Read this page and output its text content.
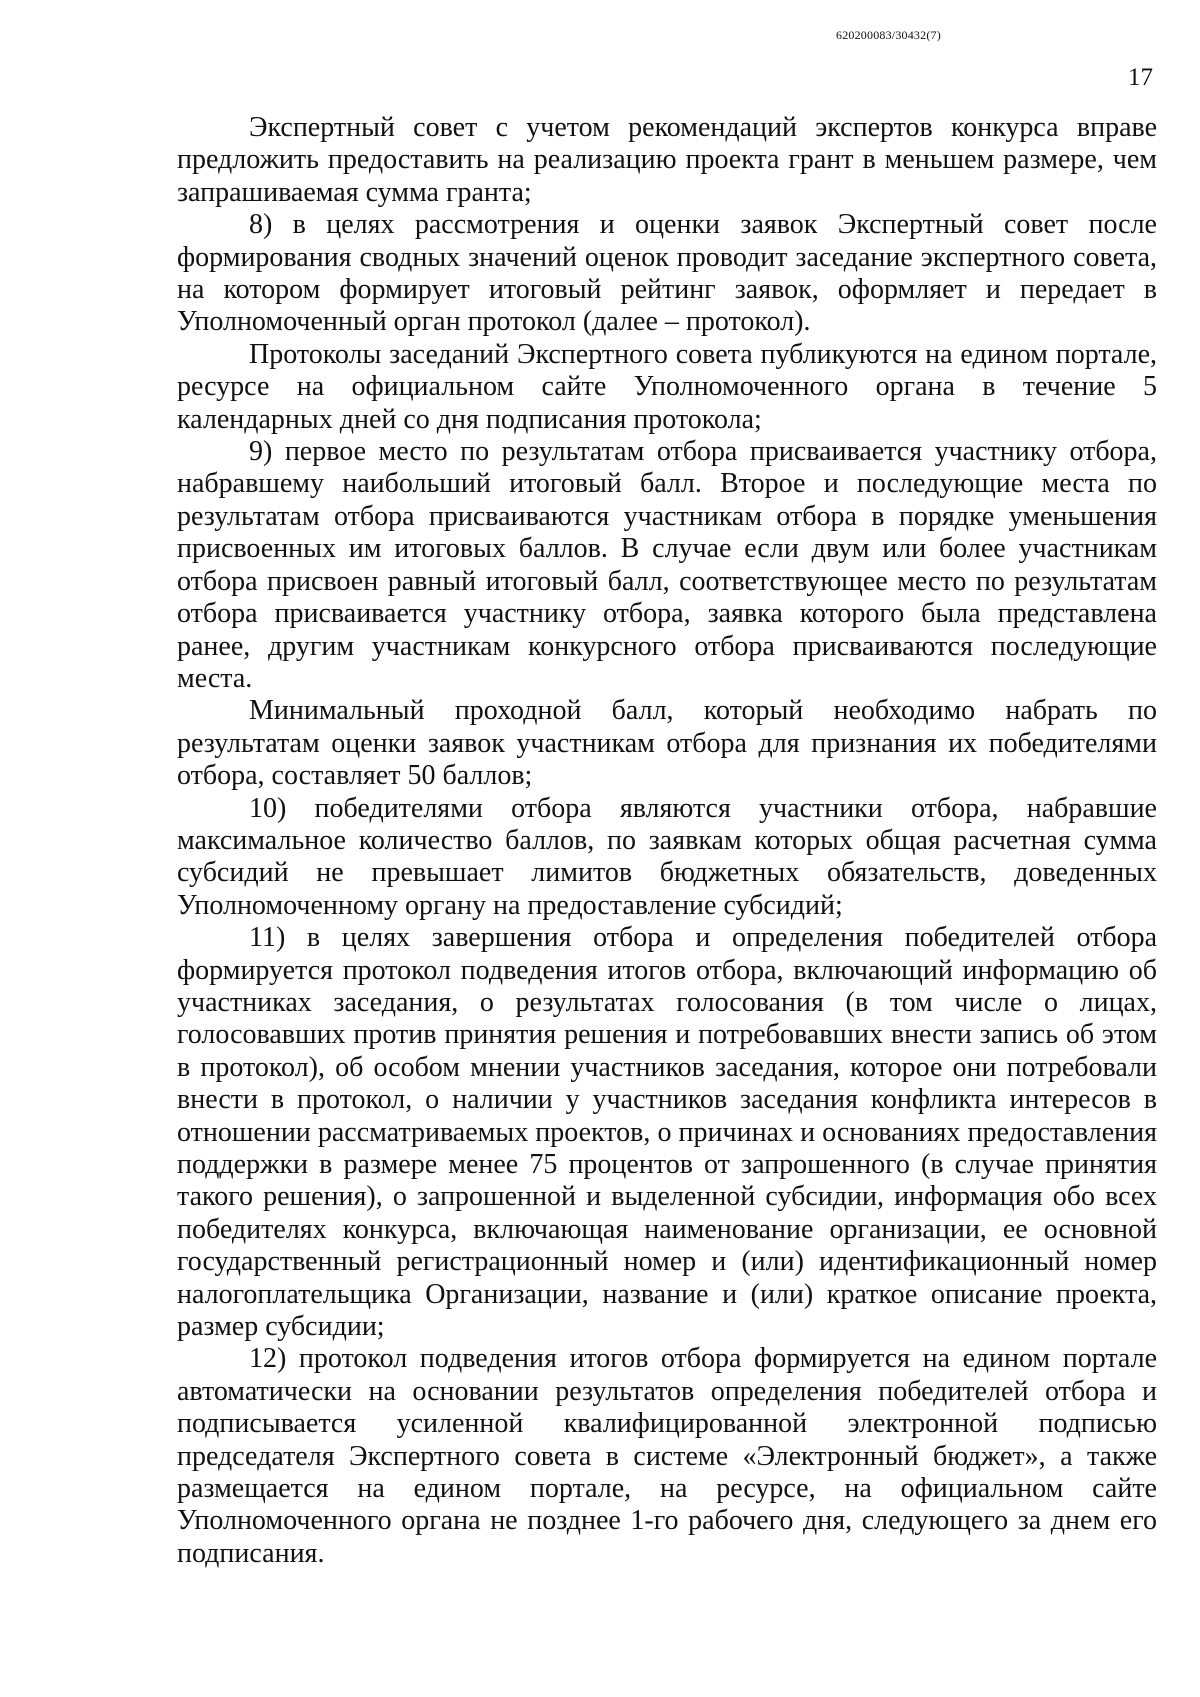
620200083/30432(7)
17

Экспертный совет с учетом рекомендаций экспертов конкурса вправе предложить предоставить на реализацию проекта грант в меньшем размере, чем запрашиваемая сумма гранта;

8) в целях рассмотрения и оценки заявок Экспертный совет после формирования сводных значений оценок проводит заседание экспертного совета, на котором формирует итоговый рейтинг заявок, оформляет и передает в Уполномоченный орган протокол (далее – протокол).

Протоколы заседаний Экспертного совета публикуются на едином портале, ресурсе на официальном сайте Уполномоченного органа в течение 5 календарных дней со дня подписания протокола;

9) первое место по результатам отбора присваивается участнику отбора, набравшему наибольший итоговый балл. Второе и последующие места по результатам отбора присваиваются участникам отбора в порядке уменьшения присвоенных им итоговых баллов. В случае если двум или более участникам отбора присвоен равный итоговый балл, соответствующее место по результатам отбора присваивается участнику отбора, заявка которого была представлена ранее, другим участникам конкурсного отбора присваиваются последующие места.

Минимальный проходной балл, который необходимо набрать по результатам оценки заявок участникам отбора для признания их победителями отбора, составляет 50 баллов;

10) победителями отбора являются участники отбора, набравшие максимальное количество баллов, по заявкам которых общая расчетная сумма субсидий не превышает лимитов бюджетных обязательств, доведенных Уполномоченному органу на предоставление субсидий;

11) в целях завершения отбора и определения победителей отбора формируется протокол подведения итогов отбора, включающий информацию об участниках заседания, о результатах голосования (в том числе о лицах, голосовавших против принятия решения и потребовавших внести запись об этом в протокол), об особом мнении участников заседания, которое они потребовали внести в протокол, о наличии у участников заседания конфликта интересов в отношении рассматриваемых проектов, о причинах и основаниях предоставления поддержки в размере менее 75 процентов от запрошенного (в случае принятия такого решения), о запрошенной и выделенной субсидии, информация обо всех победителях конкурса, включающая наименование организации, ее основной государственный регистрационный номер и (или) идентификационный номер налогоплательщика Организации, название и (или) краткое описание проекта, размер субсидии;

12) протокол подведения итогов отбора формируется на едином портале автоматически на основании результатов определения победителей отбора и подписывается усиленной квалифицированной электронной подписью председателя Экспертного совета в системе «Электронный бюджет», а также размещается на едином портале, на ресурсе, на официальном сайте Уполномоченного органа не позднее 1-го рабочего дня, следующего за днем его подписания.
